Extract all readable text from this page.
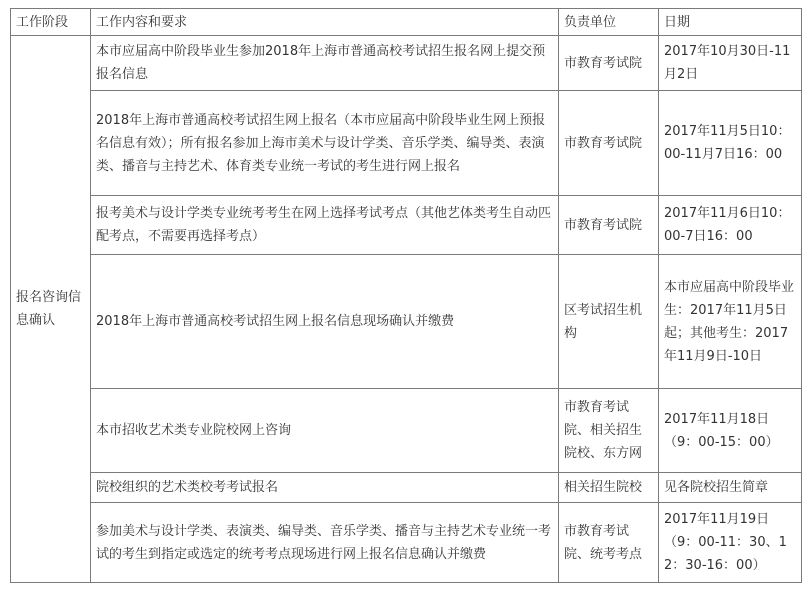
工作阶段	工作内容和要求	负责单位	日期
报名咨询信息确认	本市应届高中阶段毕业生参加2018年上海市普通高校考试招生报名网上提交预报名信息	市教育考试院	2017年10月30日-11月2日
	2018年上海市普通高校考试招生网上报名（本市应届高中阶段毕业生网上预报名信息有效）；所有报名参加上海市美术与设计学类、音乐学类、编导类、表演类、播音与主持艺术、体育类专业统一考试的考生进行网上报名	市教育考试院	2017年11月5日10：00-11月7日16：00
	报考美术与设计学类专业统考考生在网上选择考试考点（其他艺体类考生自动匹配考点，不需要再选择考点）	市教育考试院	2017年11月6日10：00-7日16：00
	2018年上海市普通高校考试招生网上报名信息现场确认并缴费	区考试招生机构	本市应届高中阶段毕业生：2017年11月5日起；其他考生：2017年11月9日-10日
	本市招收艺术类专业院校网上咨询	市教育考试院、相关招生院校、东方网	2017年11月18日（9：00-15：00）
	院校组织的艺术类校考考试报名	相关招生院校	见各院校招生简章
	参加美术与设计学类、表演类、编导类、音乐学类、播音与主持艺术专业统一考试的考生到指定或选定的统考考点现场进行网上报名信息确认并缴费	市教育考试院、统考考点	2017年11月19日（9：00-11：30、12：30-16：00）
